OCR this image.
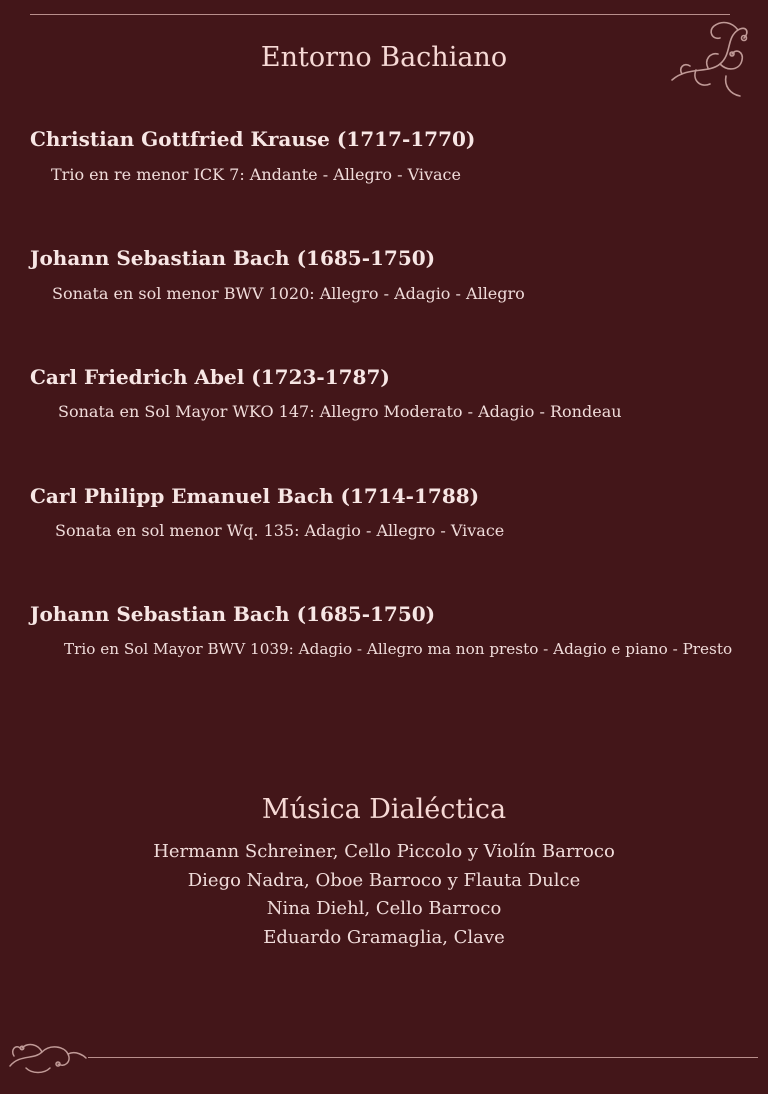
Entorno Bachiano
Christian Gottfried Krause (1717-1770)
Trio en re menor ICK 7: Andante - Allegro - Vivace
Johann Sebastian Bach (1685-1750)
Sonata en sol menor BWV 1020: Allegro - Adagio - Allegro
Carl Friedrich Abel (1723-1787)
Sonata en Sol Mayor WKO 147: Allegro Moderato - Adagio - Rondeau
Carl Philipp Emanuel Bach (1714-1788)
Sonata en sol menor Wq. 135: Adagio - Allegro - Vivace
Johann Sebastian Bach (1685-1750)
Trio en Sol Mayor BWV 1039: Adagio - Allegro ma non presto - Adagio e piano - Presto
Música Dialéctica
Hermann Schreiner, Cello Piccolo y Violín Barroco
Diego Nadra, Oboe Barroco y Flauta Dulce
Nina Diehl, Cello Barroco
Eduardo Gramaglia, Clave
